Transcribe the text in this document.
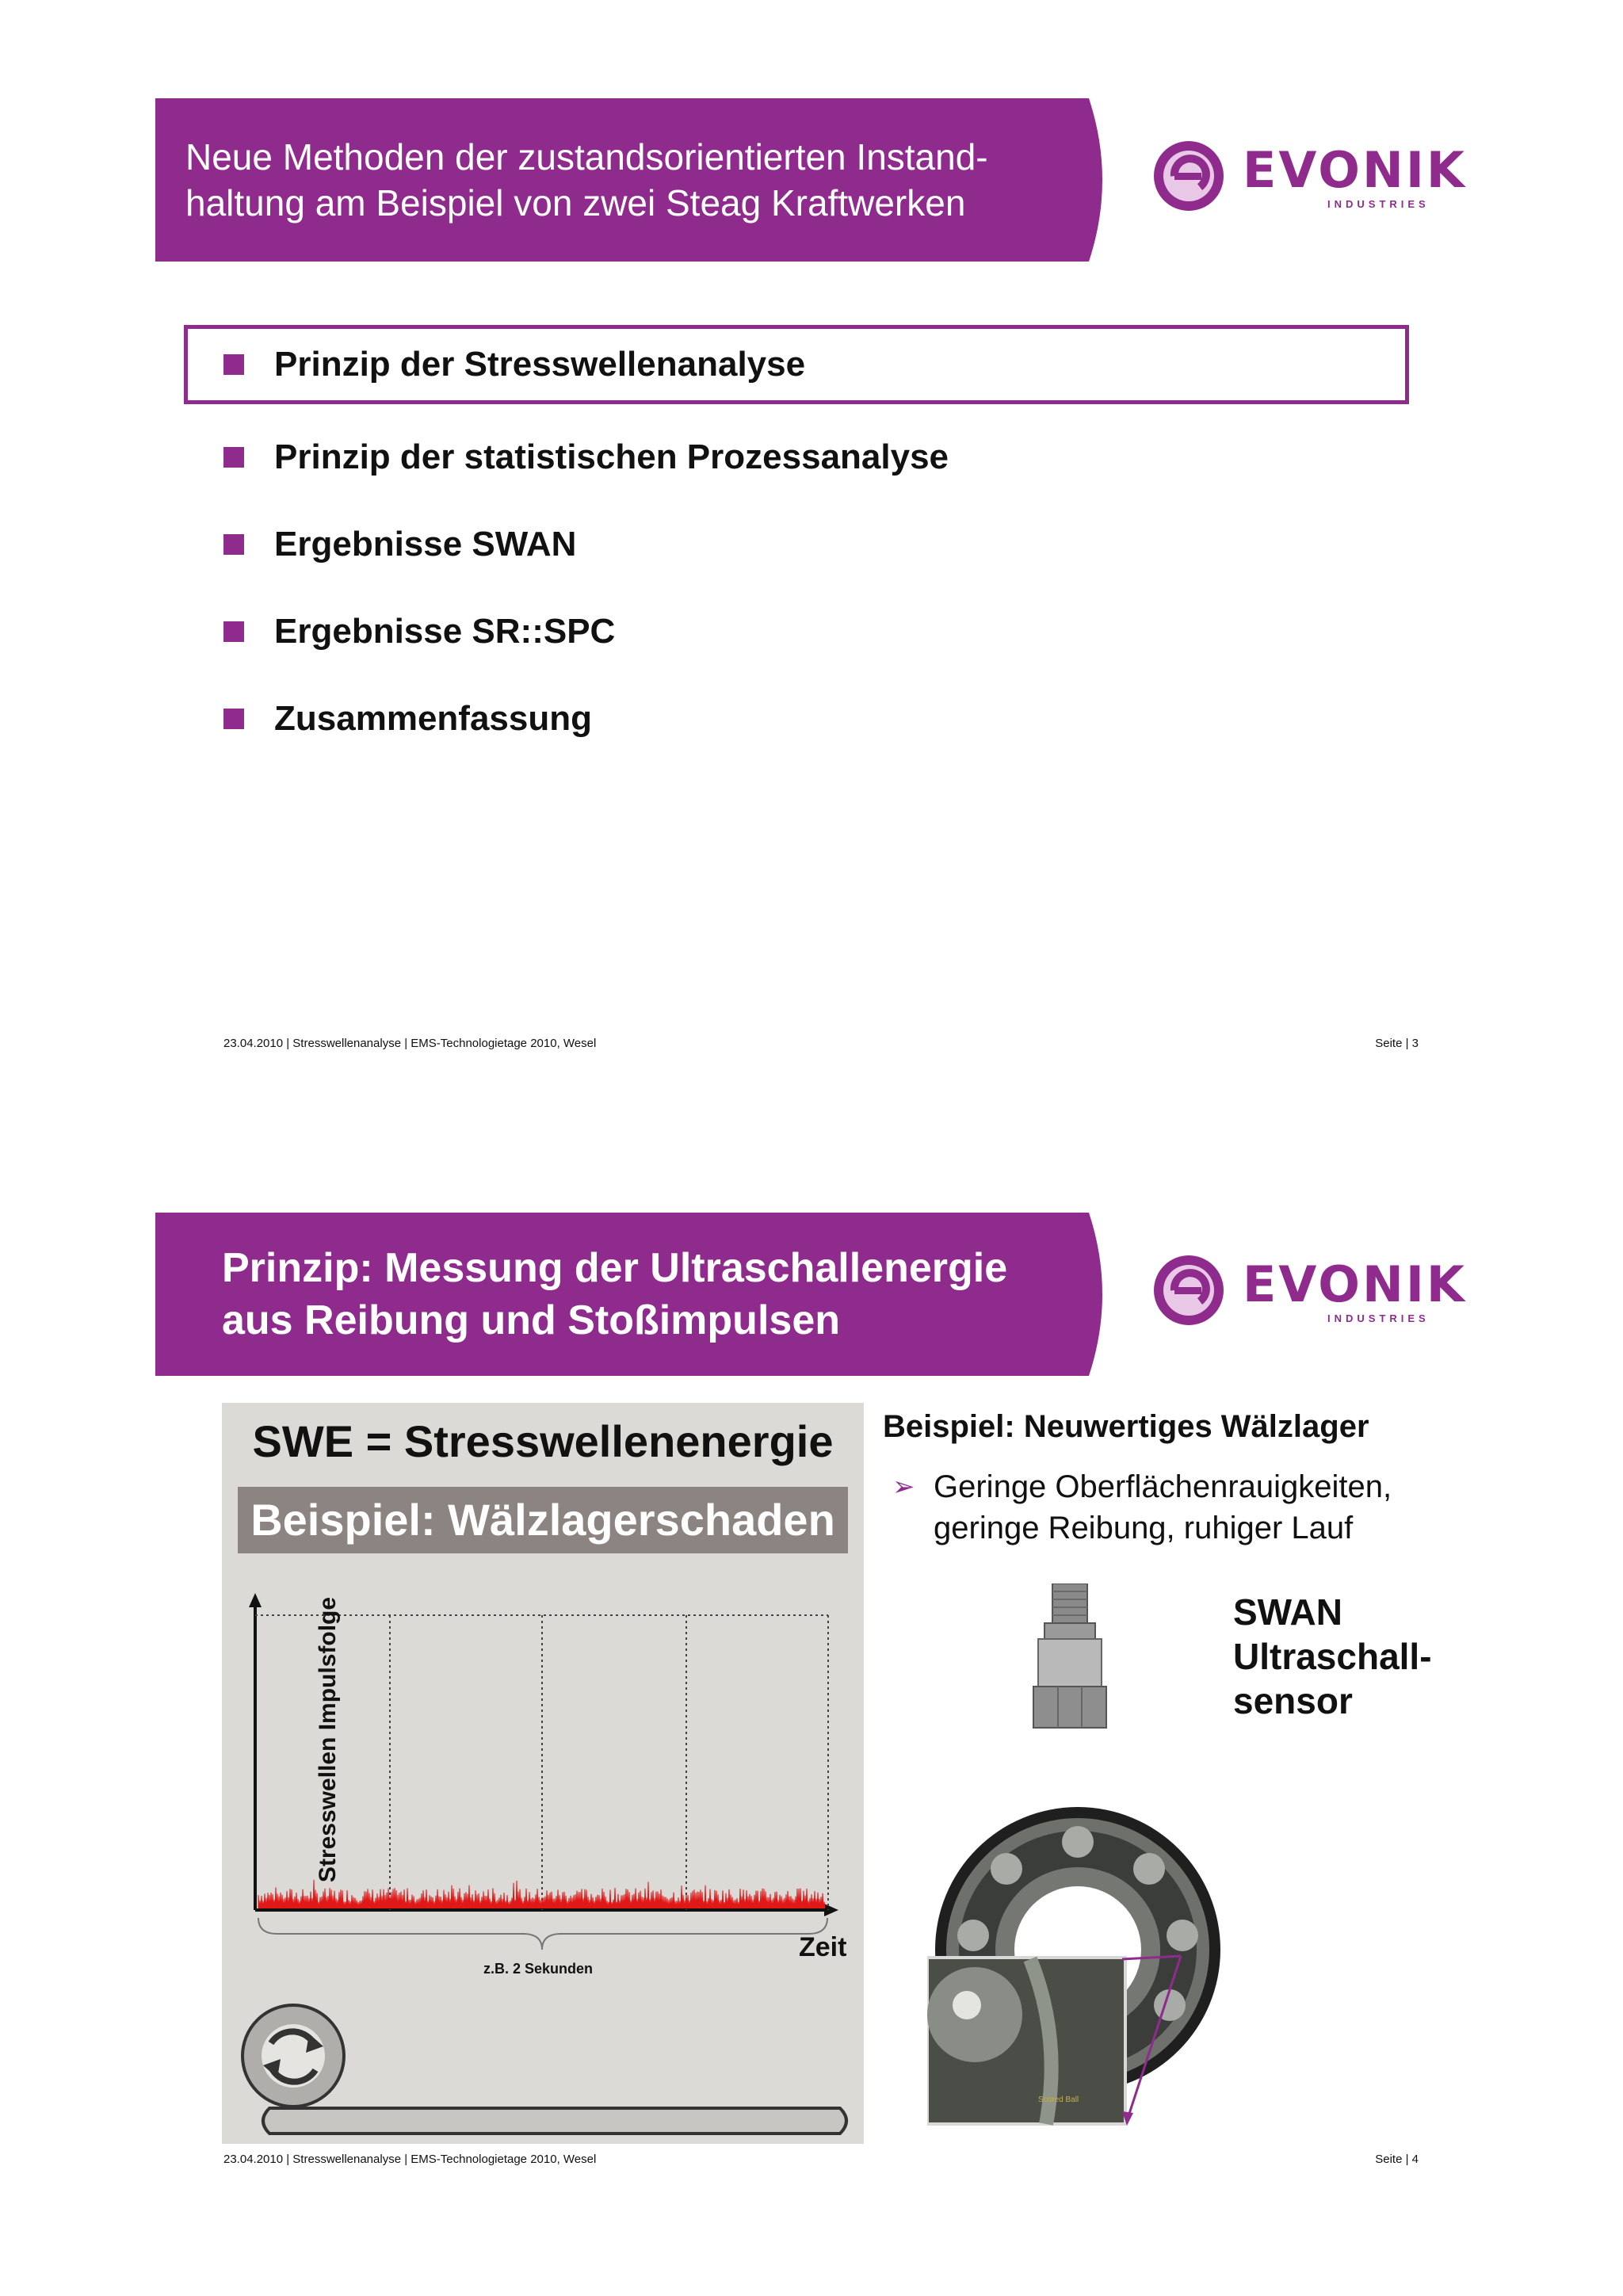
Neue Methoden der zustandsorientierten Instand-
haltung am Beispiel von zwei Steag Kraftwerken
EVONIK
INDUSTRIES
Prinzip der Stresswellenanalyse
Prinzip der statistischen Prozessanalyse
Ergebnisse SWAN
Ergebnisse SR::SPC
Zusammenfassung
23.04.2010 | Stresswellenanalyse | EMS-Technologietage 2010, Wesel	Seite | 3
Prinzip: Messung der Ultraschallenergie
aus Reibung und Stoßimpulsen
EVONIK
INDUSTRIES
SWE = Stresswellenenergie
Beispiel: Wälzlagerschaden
Stresswellen Impulsfolge
Zeit
z.B. 2 Sekunden
Beispiel: Neuwertiges Wälzlager
➢ Geringe Oberflächenrauigkeiten,
geringe Reibung, ruhiger Lauf
SWAN
Ultraschall-
sensor
Scored Ball
23.04.2010 | Stresswellenanalyse | EMS-Technologietage 2010, Wesel	Seite | 4
